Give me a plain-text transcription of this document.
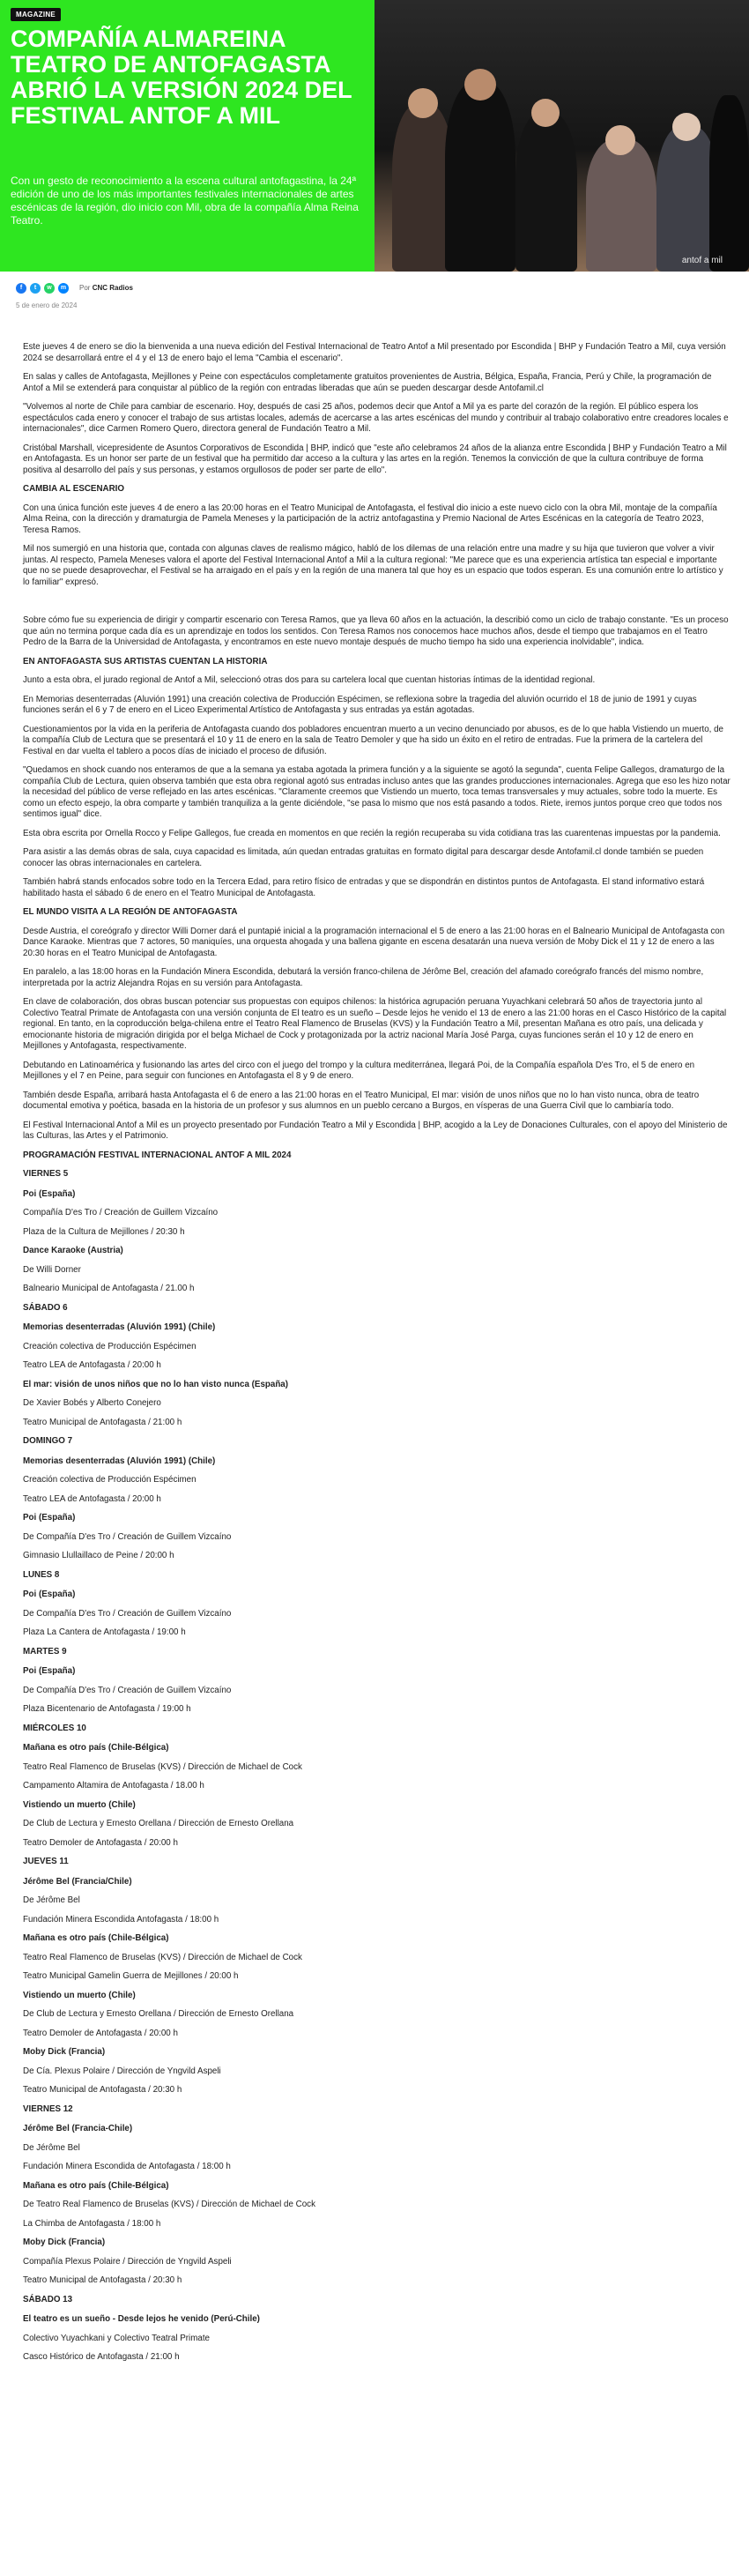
MAGAZINE
COMPAÑÍA ALMAREINA TEATRO DE ANTOFAGASTA ABRIÓ LA VERSIÓN 2024 DEL FESTIVAL ANTOF A MIL

Con un gesto de reconocimiento a la escena cultural antofagastina, la 24ª edición de uno de los más importantes festivales internacionales de artes escénicas de la región, dio inicio con Mil, obra de la compañía Alma Reina Teatro.

antof a mil
f	t	w	m	Por CNC Radios
5 de enero de 2024

Este jueves 4 de enero se dio la bienvenida a una nueva edición del Festival Internacional de Teatro Antof a Mil presentado por Escondida | BHP y Fundación Teatro a Mil, cuya versión 2024 se desarrollará entre el 4 y el 13 de enero bajo el lema "Cambia el escenario".

En salas y calles de Antofagasta, Mejillones y Peine con espectáculos completamente gratuitos provenientes de Austria, Bélgica, España, Francia, Perú y Chile, la programación de Antof a Mil se extenderá para conquistar al público de la región con entradas liberadas que aún se pueden descargar desde Antofamil.cl

"Volvemos al norte de Chile para cambiar de escenario. Hoy, después de casi 25 años, podemos decir que Antof a Mil ya es parte del corazón de la región. El público espera los espectáculos cada enero y conocer el trabajo de sus artistas locales, además de acercarse a las artes escénicas del mundo y contribuir al trabajo colaborativo entre creadores locales e internacionales", dice Carmen Romero Quero, directora general de Fundación Teatro a Mil.

Cristóbal Marshall, vicepresidente de Asuntos Corporativos de Escondida | BHP, indicó que "este año celebramos 24 años de la alianza entre Escondida | BHP y Fundación Teatro a Mil en Antofagasta. Es un honor ser parte de un festival que ha permitido dar acceso a la cultura y las artes en la región. Tenemos la convicción de que la cultura contribuye de forma positiva al desarrollo del país y sus personas, y estamos orgullosos de poder ser parte de ello".

CAMBIA AL ESCENARIO

Con una única función este jueves 4 de enero a las 20:00 horas en el Teatro Municipal de Antofagasta, el festival dio inicio a este nuevo ciclo con la obra Mil, montaje de la compañía Alma Reina, con la dirección y dramaturgia de Pamela Meneses y la participación de la actriz antofagastina y Premio Nacional de Artes Escénicas en la categoría de Teatro 2023, Teresa Ramos.

Mil nos sumergió en una historia que, contada con algunas claves de realismo mágico, habló de los dilemas de una relación entre una madre y su hija que tuvieron que volver a vivir juntas. Al respecto, Pamela Meneses valora el aporte del Festival Internacional Antof a Mil a la cultura regional: "Me parece que es una experiencia artística tan especial e importante que no se puede desaprovechar, el Festival se ha arraigado en el país y en la región de una manera tal que hoy es un espacio que todos esperan. Es una comunión entre lo artístico y lo familiar" expresó.

Sobre cómo fue su experiencia de dirigir y compartir escenario con Teresa Ramos, que ya lleva 60 años en la actuación, la describió como un ciclo de trabajo constante. "Es un proceso que aún no termina porque cada día es un aprendizaje en todos los sentidos. Con Teresa Ramos nos conocemos hace muchos años, desde el tiempo que trabajamos en el Teatro Pedro de la Barra de la Universidad de Antofagasta, y encontramos en este nuevo montaje después de mucho tiempo ha sido una experiencia inolvidable", indica.

EN ANTOFAGASTA SUS ARTISTAS CUENTAN LA HISTORIA

Junto a esta obra, el jurado regional de Antof a Mil, seleccionó otras dos para su cartelera local que cuentan historias íntimas de la identidad regional.

En Memorias desenterradas (Aluvión 1991) una creación colectiva de Producción Espécimen, se reflexiona sobre la tragedia del aluvión ocurrido el 18 de junio de 1991 y cuyas funciones serán el 6 y 7 de enero en el Liceo Experimental Artístico de Antofagasta y sus entradas ya están agotadas.

Cuestionamientos por la vida en la periferia de Antofagasta cuando dos pobladores encuentran muerto a un vecino denunciado por abusos, es de lo que habla Vistiendo un muerto, de la compañía Club de Lectura que se presentará el 10 y 11 de enero en la sala de Teatro Demoler y que ha sido un éxito en el retiro de entradas. Fue la primera de la cartelera del Festival en dar vuelta el tablero a pocos días de iniciado el proceso de difusión.

"Quedamos en shock cuando nos enteramos de que a la semana ya estaba agotada la primera función y a la siguiente se agotó la segunda", cuenta Felipe Gallegos, dramaturgo de la compañía Club de Lectura, quien observa también que esta obra regional agotó sus entradas incluso antes que las grandes producciones internacionales. Agrega que eso les hizo notar la necesidad del público de verse reflejado en las artes escénicas. "Claramente creemos que Vistiendo un muerto, toca temas transversales y muy actuales, sobre todo la muerte. Es como un efecto espejo, la obra comparte y también tranquiliza a la gente diciéndole, "se pasa lo mismo que nos está pasando a todos. Riete, iremos juntos porque creo que todos nos sentimos igual" dice.

Esta obra escrita por Ornella Rocco y Felipe Gallegos, fue creada en momentos en que recién la región recuperaba su vida cotidiana tras las cuarentenas impuestas por la pandemia.

Para asistir a las demás obras de sala, cuya capacidad es limitada, aún quedan entradas gratuitas en formato digital para descargar desde Antofamil.cl donde también se pueden conocer las obras internacionales en cartelera.

También habrá stands enfocados sobre todo en la Tercera Edad, para retiro físico de entradas y que se dispondrán en distintos puntos de Antofagasta. El stand informativo estará habilitado hasta el sábado 6 de enero en el Teatro Municipal de Antofagasta.

EL MUNDO VISITA A LA REGIÓN DE ANTOFAGASTA

Desde Austria, el coreógrafo y director Willi Dorner dará el puntapié inicial a la programación internacional el 5 de enero a las 21:00 horas en el Balneario Municipal de Antofagasta con Dance Karaoke. Mientras que 7 actores, 50 maniquíes, una orquesta ahogada y una ballena gigante en escena desatarán una nueva versión de Moby Dick el 11 y 12 de enero a las 20:30 horas en el Teatro Municipal de Antofagasta.

En paralelo, a las 18:00 horas en la Fundación Minera Escondida, debutará la versión franco-chilena de Jérôme Bel, creación del afamado coreógrafo francés del mismo nombre, interpretada por la actriz Alejandra Rojas en su versión para Antofagasta.

En clave de colaboración, dos obras buscan potenciar sus propuestas con equipos chilenos: la histórica agrupación peruana Yuyachkani celebrará 50 años de trayectoria junto al Colectivo Teatral Primate de Antofagasta con una versión conjunta de El teatro es un sueño – Desde lejos he venido el 13 de enero a las 21:00 horas en el Casco Histórico de la capital regional. En tanto, en la coproducción belga-chilena entre el Teatro Real Flamenco de Bruselas (KVS) y la Fundación Teatro a Mil, presentan Mañana es otro país, una delicada y emocionante historia de migración dirigida por el belga Michael de Cock y protagonizada por la actriz nacional María José Parga, cuyas funciones serán el 10 y 12 de enero en Mejillones y Antofagasta, respectivamente.

Debutando en Latinoamérica y fusionando las artes del circo con el juego del trompo y la cultura mediterránea, llegará Poi, de la Compañía española D'es Tro, el 5 de enero en Mejillones y el 7 en Peine, para seguir con funciones en Antofagasta el 8 y 9 de enero.

También desde España, arribará hasta Antofagasta el 6 de enero a las 21:00 horas en el Teatro Municipal, El mar: visión de unos niños que no lo han visto nunca, obra de teatro documental emotiva y poética, basada en la historia de un profesor y sus alumnos en un pueblo cercano a Burgos, en vísperas de una Guerra Civil que lo cambiaría todo.

El Festival Internacional Antof a Mil es un proyecto presentado por Fundación Teatro a Mil y Escondida | BHP, acogido a la Ley de Donaciones Culturales, con el apoyo del Ministerio de las Culturas, las Artes y el Patrimonio.

PROGRAMACIÓN FESTIVAL INTERNACIONAL ANTOF A MIL 2024

VIERNES 5

Poi (España)

Compañía D'es Tro / Creación de Guillem Vizcaíno

Plaza de la Cultura de Mejillones / 20:30 h

Dance Karaoke (Austria)

De Willi Dorner

Balneario Municipal de Antofagasta / 21.00 h

SÁBADO 6

Memorias desenterradas (Aluvión 1991) (Chile)

Creación colectiva de Producción Espécimen

Teatro LEA de Antofagasta / 20:00 h

El mar: visión de unos niños que no lo han visto nunca (España)

De Xavier Bobés y Alberto Conejero

Teatro Municipal de Antofagasta / 21:00 h

DOMINGO 7

Memorias desenterradas (Aluvión 1991) (Chile)

Creación colectiva de Producción Espécimen

Teatro LEA de Antofagasta / 20:00 h

Poi (España)

De Compañía D'es Tro / Creación de Guillem Vizcaíno

Gimnasio Llullaillaco de Peine / 20:00 h

LUNES 8

Poi (España)

De Compañía D'es Tro / Creación de Guillem Vizcaíno

Plaza La Cantera de Antofagasta / 19:00 h

MARTES 9

Poi (España)

De Compañía D'es Tro / Creación de Guillem Vizcaíno

Plaza Bicentenario de Antofagasta / 19:00 h

MIÉRCOLES 10

Mañana es otro país (Chile-Bélgica)

Teatro Real Flamenco de Bruselas (KVS) / Dirección de Michael de Cock

Campamento Altamira de Antofagasta / 18.00 h

Vistiendo un muerto (Chile)

De Club de Lectura y Ernesto Orellana / Dirección de Ernesto Orellana

Teatro Demoler de Antofagasta / 20:00 h

JUEVES 11

Jérôme Bel (Francia/Chile)

De Jérôme Bel

Fundación Minera Escondida Antofagasta / 18:00 h

Mañana es otro país (Chile-Bélgica)

Teatro Real Flamenco de Bruselas (KVS) / Dirección de Michael de Cock

Teatro Municipal Gamelin Guerra de Mejillones / 20:00 h

Vistiendo un muerto (Chile)

De Club de Lectura y Ernesto Orellana / Dirección de Ernesto Orellana

Teatro Demoler de Antofagasta / 20:00 h

Moby Dick (Francia)

De Cía. Plexus Polaire / Dirección de Yngvild Aspeli

Teatro Municipal de Antofagasta / 20:30 h

VIERNES 12

Jérôme Bel (Francia-Chile)

De Jérôme Bel

Fundación Minera Escondida de Antofagasta / 18:00 h

Mañana es otro país (Chile-Bélgica)

De Teatro Real Flamenco de Bruselas (KVS) / Dirección de Michael de Cock

La Chimba de Antofagasta / 18:00 h

Moby Dick (Francia)

Compañía Plexus Polaire / Dirección de Yngvild Aspeli

Teatro Municipal de Antofagasta / 20:30 h

SÁBADO 13

El teatro es un sueño - Desde lejos he venido (Perú-Chile)

Colectivo Yuyachkani y Colectivo Teatral Primate

Casco Histórico de Antofagasta / 21:00 h
